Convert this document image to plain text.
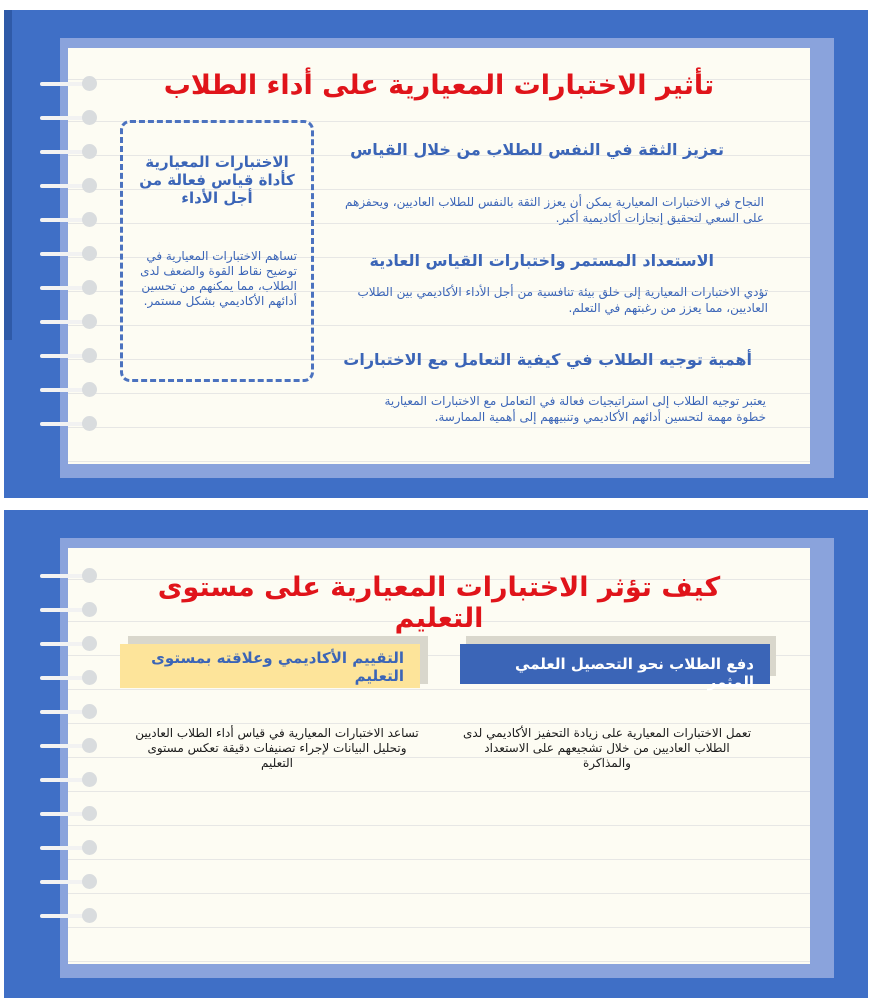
تأثير الاختبارات المعيارية على أداء الطلاب
الاختبارات المعيارية كأداة قياس فعالة من أجل الأداء
تساهم الاختبارات المعيارية في توضيح نقاط القوة والضعف لدى الطلاب، مما يمكنهم من تحسين أدائهم الأكاديمي بشكل مستمر.
تعزيز الثقة في النفس للطلاب من خلال القياس
النجاح في الاختبارات المعيارية يمكن أن يعزز الثقة بالنفس للطلاب العاديين، ويحفزهم على السعي لتحقيق إنجازات أكاديمية أكبر.
الاستعداد المستمر واختبارات القياس العادية
تؤدي الاختبارات المعيارية إلى خلق بيئة تنافسية من أجل الأداء الأكاديمي بين الطلاب العاديين، مما يعزز من رغبتهم في التعلم.
أهمية توجيه الطلاب في كيفية التعامل مع الاختبارات
يعتبر توجيه الطلاب إلى استراتيجيات فعالة في التعامل مع الاختبارات المعيارية خطوة مهمة لتحسين أدائهم الأكاديمي وتنبيههم إلى أهمية الممارسة.
كيف تؤثر الاختبارات المعيارية على مستوى التعليم
دفع الطلاب نحو التحصيل العلمي المثمر
التقييم الأكاديمي وعلاقته بمستوى التعليم
تعمل الاختبارات المعيارية على زيادة التحفيز الأكاديمي لدى الطلاب العاديين من خلال تشجيعهم على الاستعداد والمذاكرة
تساعد الاختبارات المعيارية في قياس أداء الطلاب العاديين وتحليل البيانات لإجراء تصنيفات دقيقة تعكس مستوى التعليم
